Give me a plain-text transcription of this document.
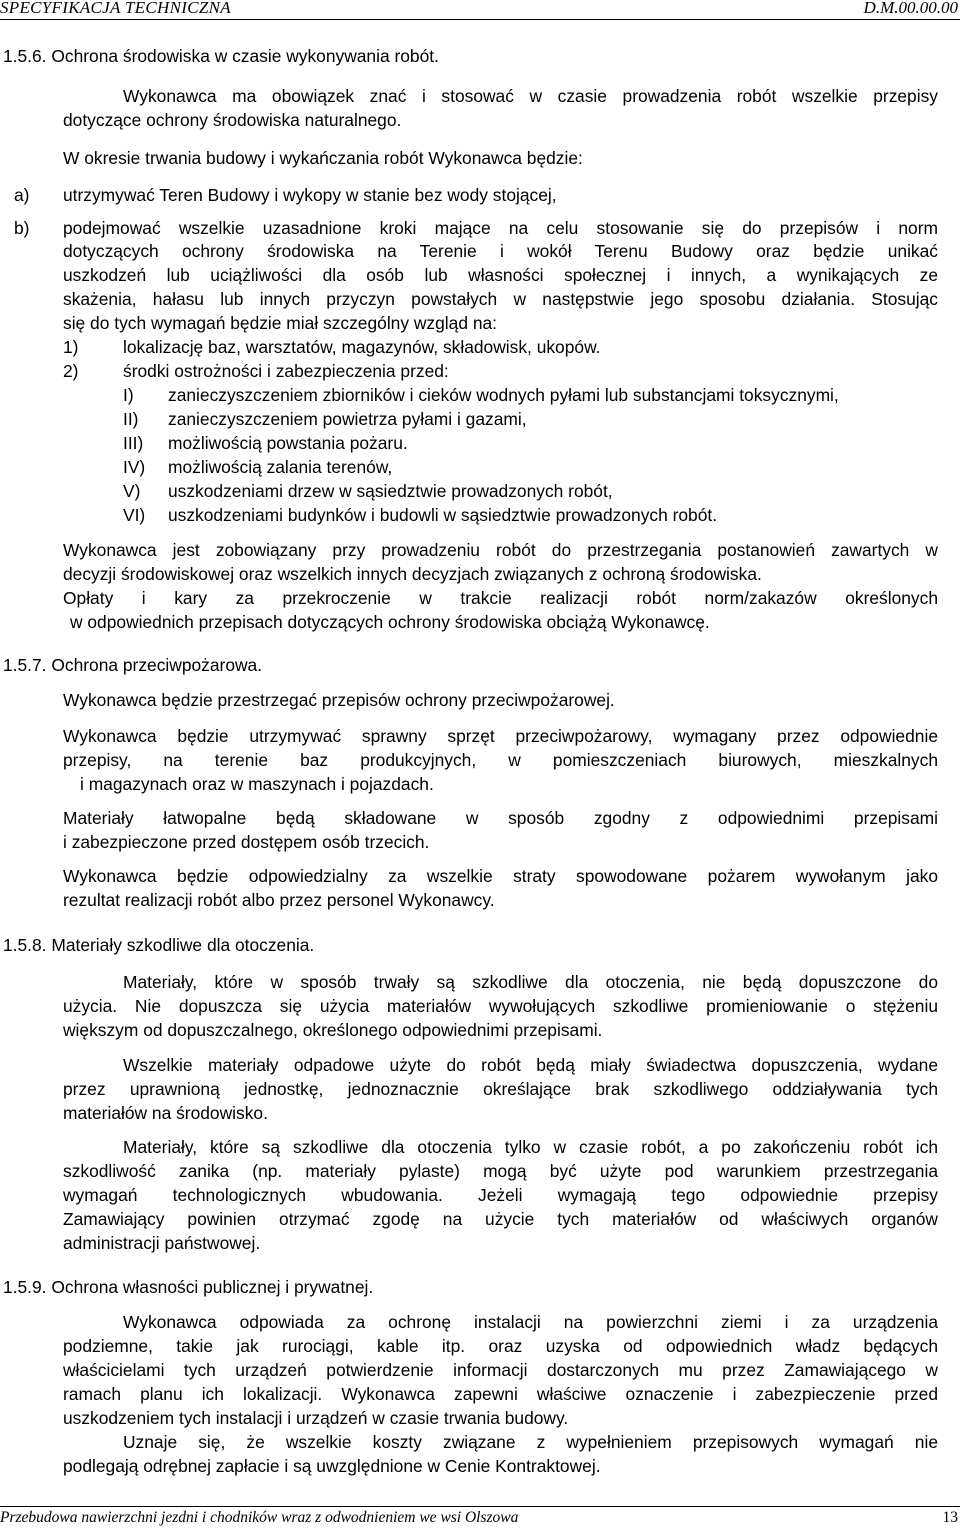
SPECYFIKACJA TECHNICZNA	D.M.00.00.00
1.5.6. Ochrona środowiska w czasie wykonywania robót.
Wykonawca ma obowiązek znać i stosować w czasie prowadzenia robót wszelkie przepisy
dotyczące ochrony środowiska naturalnego.
W okresie trwania budowy i wykańczania robót Wykonawca będzie:
a) utrzymywać Teren Budowy i wykopy w stanie bez wody stojącej,
b) podejmować wszelkie uzasadnione kroki mające na celu stosowanie się do przepisów i norm
dotyczących ochrony środowiska na Terenie i wokół Terenu Budowy oraz będzie unikać
uszkodzeń lub uciążliwości dla osób lub własności społecznej i innych, a wynikających ze
skażenia, hałasu lub innych przyczyn powstałych w następstwie jego sposobu działania. Stosując
się do tych wymagań będzie miał szczególny wzgląd na:
1)	lokalizację baz, warsztatów, magazynów, składowisk, ukopów.
2)	środki ostrożności i zabezpieczenia przed:
I) zanieczyszczeniem zbiorników i cieków wodnych pyłami lub substancjami toksycznymi,
II) zanieczyszczeniem powietrza pyłami i gazami,
III) możliwością powstania pożaru.
IV) możliwością zalania terenów,
V) uszkodzeniami drzew w sąsiedztwie prowadzonych robót,
VI) uszkodzeniami budynków i budowli w sąsiedztwie prowadzonych robót.
Wykonawca jest zobowiązany przy prowadzeniu robót do przestrzegania postanowień zawartych w
decyzji środowiskowej oraz wszelkich innych decyzjach związanych z ochroną środowiska.
Opłaty i kary za przekroczenie w trakcie realizacji robót norm/zakazów określonych
w odpowiednich przepisach dotyczących ochrony środowiska obciążą Wykonawcę.
1.5.7. Ochrona przeciwpożarowa.
Wykonawca będzie przestrzegać przepisów ochrony przeciwpożarowej.
Wykonawca będzie utrzymywać sprawny sprzęt przeciwpożarowy, wymagany przez odpowiednie
przepisy, na terenie baz produkcyjnych, w pomieszczeniach biurowych, mieszkalnych
i magazynach oraz w maszynach i pojazdach.
Materiały łatwopalne będą składowane w sposób zgodny z odpowiednimi przepisami
i zabezpieczone przed dostępem osób trzecich.
Wykonawca będzie odpowiedzialny za wszelkie straty spowodowane pożarem wywołanym jako
rezultat realizacji robót albo przez personel Wykonawcy.
1.5.8. Materiały szkodliwe dla otoczenia.
Materiały, które w sposób trwały są szkodliwe dla otoczenia, nie będą dopuszczone do
użycia. Nie dopuszcza się użycia materiałów wywołujących szkodliwe promieniowanie o stężeniu
większym od dopuszczalnego, określonego odpowiednimi przepisami.
Wszelkie materiały odpadowe użyte do robót będą miały świadectwa dopuszczenia, wydane
przez uprawnioną jednostkę, jednoznacznie określające brak szkodliwego oddziaływania tych
materiałów na środowisko.
Materiały, które są szkodliwe dla otoczenia tylko w czasie robót, a po zakończeniu robót ich
szkodliwość zanika (np. materiały pylaste) mogą być użyte pod warunkiem przestrzegania
wymagań technologicznych wbudowania. Jeżeli wymagają tego odpowiednie przepisy
Zamawiający powinien otrzymać zgodę na użycie tych materiałów od właściwych organów
administracji państwowej.
1.5.9. Ochrona własności publicznej i prywatnej.
Wykonawca odpowiada za ochronę instalacji na powierzchni ziemi i za urządzenia
podziemne, takie jak rurociągi, kable itp. oraz uzyska od odpowiednich władz będących
właścicielami tych urządzeń potwierdzenie informacji dostarczonych mu przez Zamawiającego w
ramach planu ich lokalizacji. Wykonawca zapewni właściwe oznaczenie i zabezpieczenie przed
uszkodzeniem tych instalacji i urządzeń w czasie trwania budowy.
Uznaje się, że wszelkie koszty związane z wypełnieniem przepisowych wymagań nie
podlegają odrębnej zapłacie i są uwzględnione w Cenie Kontraktowej.
Przebudowa nawierzchni jezdni i chodników wraz z odwodnieniem we wsi Olszowa	13
